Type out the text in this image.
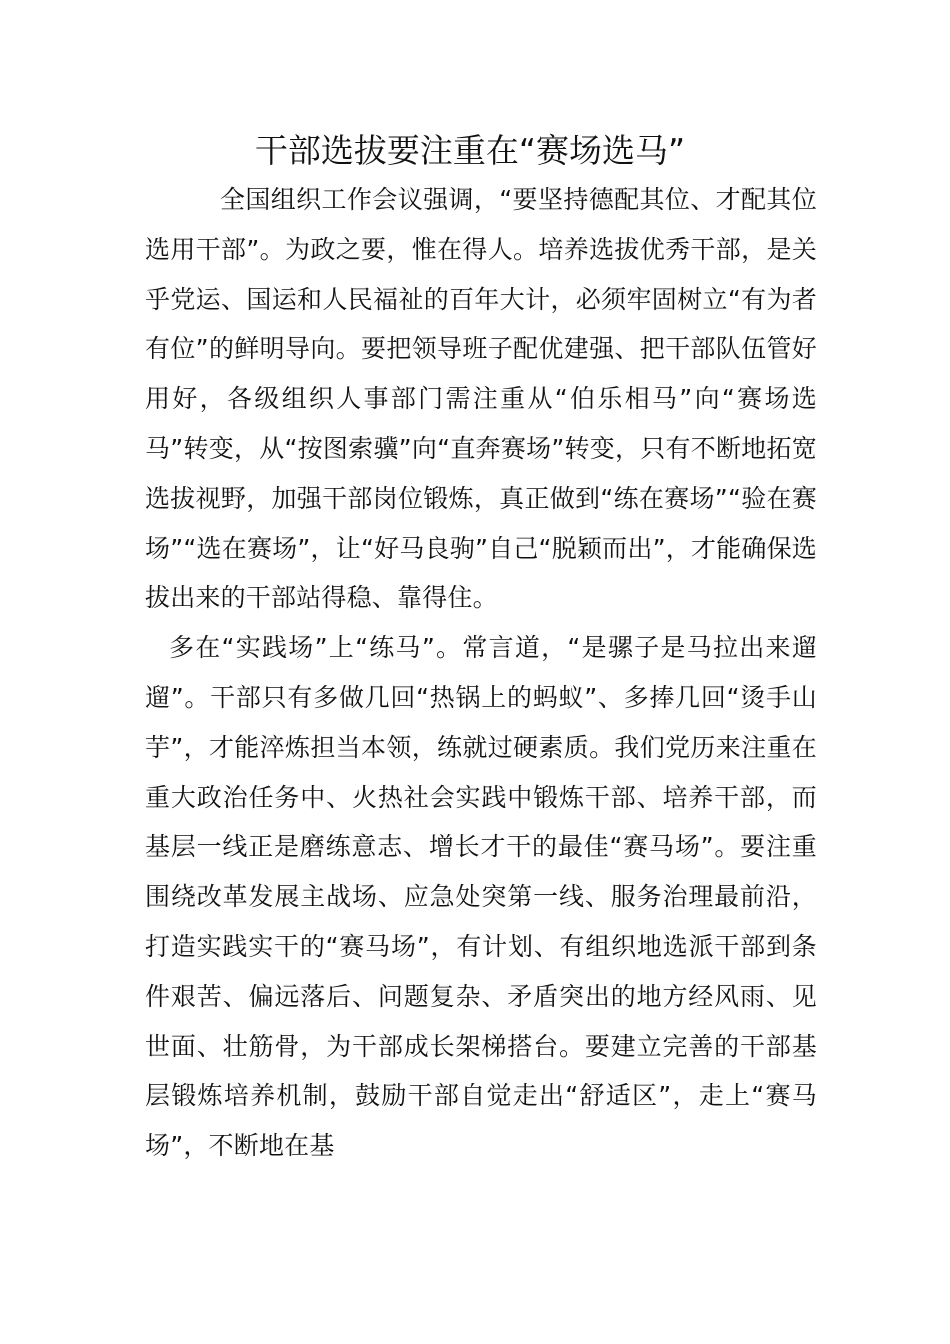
干部选拔要注重在“赛场选马”

全国组织工作会议强调，“要坚持德配其位、才配其位选用干部”。为政之要，惟在得人。培养选拔优秀干部，是关乎党运、国运和人民福祉的百年大计，必须牢固树立“有为者有位”的鲜明导向。要把领导班子配优建强、把干部队伍管好用好，各级组织人事部门需注重从“伯乐相马”向“赛场选马”转变，从“按图索骥”向“直奔赛场”转变，只有不断地拓宽选拔视野，加强干部岗位锻炼，真正做到“练在赛场”“验在赛场”“选在赛场”，让“好马良驹”自己“脱颖而出”，才能确保选拔出来的干部站得稳、靠得住。

多在“实践场”上“练马”。常言道，“是骡子是马拉出来遛遛”。干部只有多做几回“热锅上的蚂蚁”、多捧几回“烫手山芋”，才能淬炼担当本领，练就过硬素质。我们党历来注重在重大政治任务中、火热社会实践中锻炼干部、培养干部，而基层一线正是磨练意志、增长才干的最佳“赛马场”。要注重围绕改革发展主战场、应急处突第一线、服务治理最前沿，打造实践实干的“赛马场”，有计划、有组织地选派干部到条件艰苦、偏远落后、问题复杂、矛盾突出的地方经风雨、见世面、壮筋骨，为干部成长架梯搭台。要建立完善的干部基层锻炼培养机制，鼓励干部自觉走出“舒适区”，走上“赛马场”，不断地在基
